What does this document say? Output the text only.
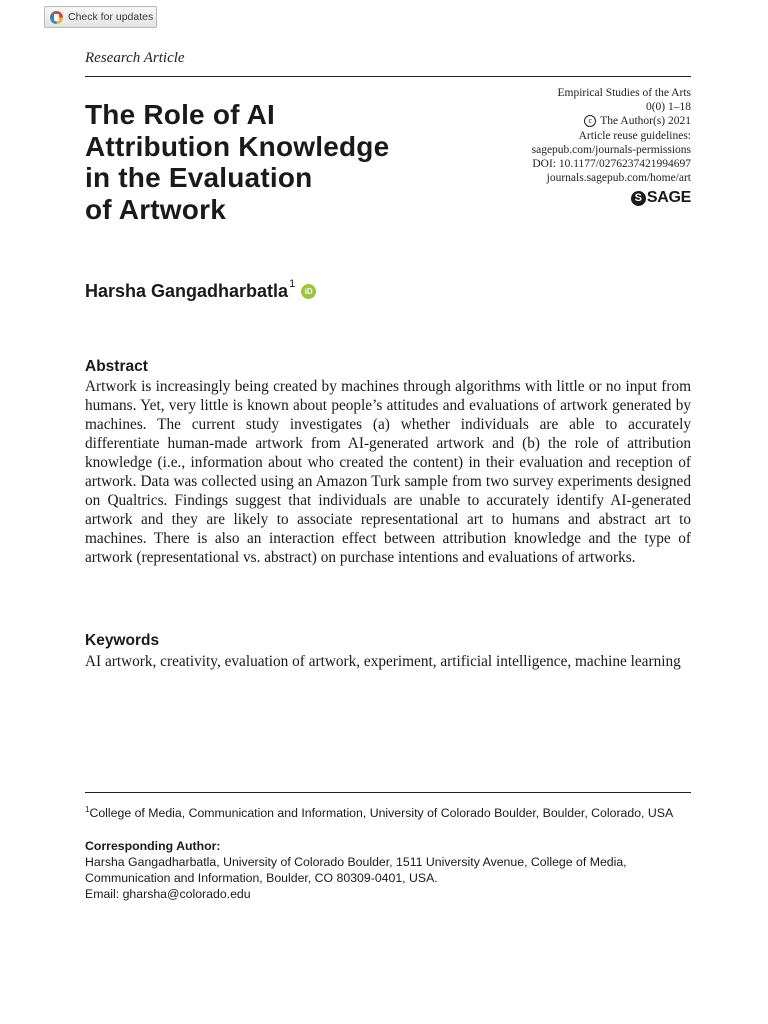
Check for updates
Research Article
The Role of AI
Attribution Knowledge
in the Evaluation
of Artwork
Empirical Studies of the Arts
0(0) 1–18
c The Author(s) 2021
Article reuse guidelines:
sagepub.com/journals-permissions
DOI: 10.1177/0276237421994697
journals.sagepub.com/home/art
S SAGE
Harsha Gangadharbatla$^1$
iD
Abstract

Artwork is increasingly being created by machines through algorithms with little or no input from humans. Yet, very little is known about people’s attitudes and evaluations of artwork generated by machines. The current study investigates (a) whether individuals are able to accurately differentiate human-made artwork from AI-generated artwork and (b) the role of attribution knowledge (i.e., information about who created the content) in their evaluation and reception of artwork. Data was collected using an Amazon Turk sample from two survey experiments designed on Qualtrics. Findings suggest that individuals are unable to accurately identify AI-generated artwork and they are likely to associate representational art to humans and abstract art to machines. There is also an interaction effect between attribution knowledge and the type of artwork (representational vs. abstract) on purchase intentions and evaluations of artworks.

Keywords

AI artwork, creativity, evaluation of artwork, experiment, artificial intelligence, machine learning

$^1$College of Media, Communication and Information, University of Colorado Boulder, Boulder, Colorado, USA

Corresponding Author:
Harsha Gangadharbatla, University of Colorado Boulder, 1511 University Avenue, College of Media, Communication and Information, Boulder, CO 80309-0401, USA.
Email: gharsha@colorado.edu
